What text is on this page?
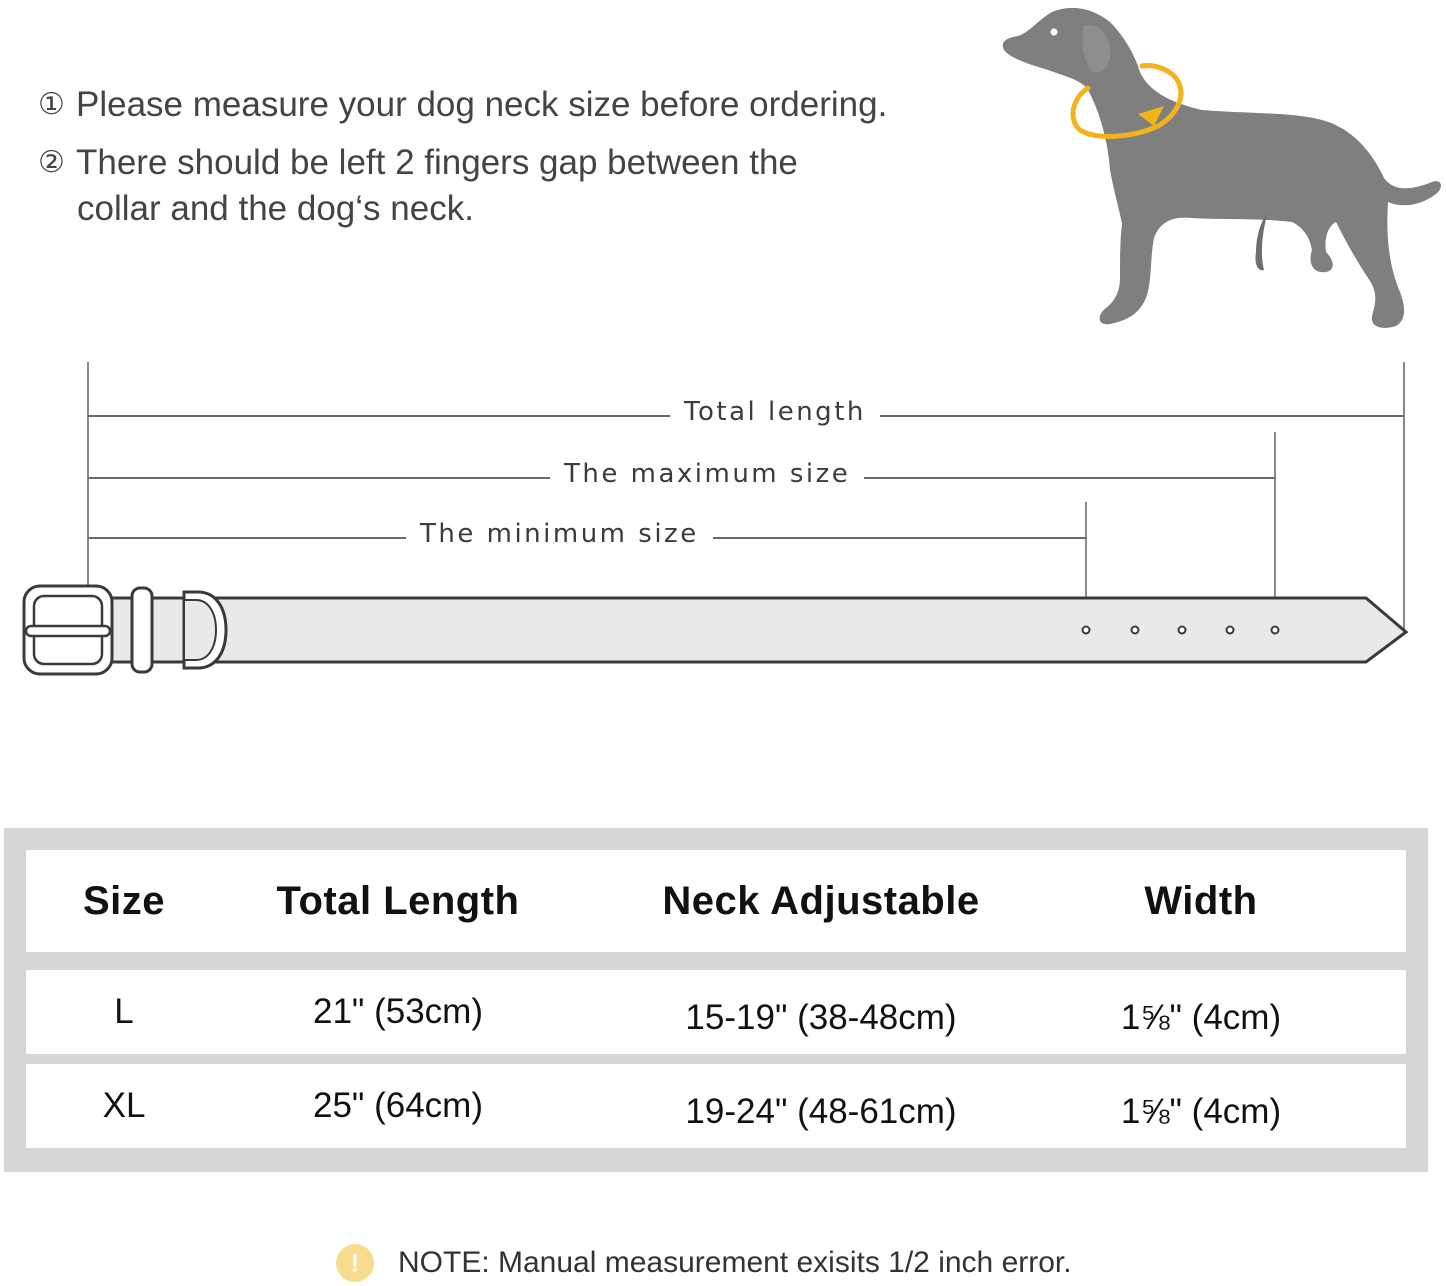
① Please measure your dog neck size before ordering.
② There should be left 2 fingers gap between the
collar and the dog‘s neck.
Total length
The maximum size
The minimum size
Size	Total Length	Neck Adjustable	Width
L	21" (53cm)	15-19" (38-48cm)	1⅝" (4cm)
XL	25" (64cm)	19-24" (48-61cm)	1⅝" (4cm)
!	NOTE: Manual measurement exisits 1/2 inch error.
